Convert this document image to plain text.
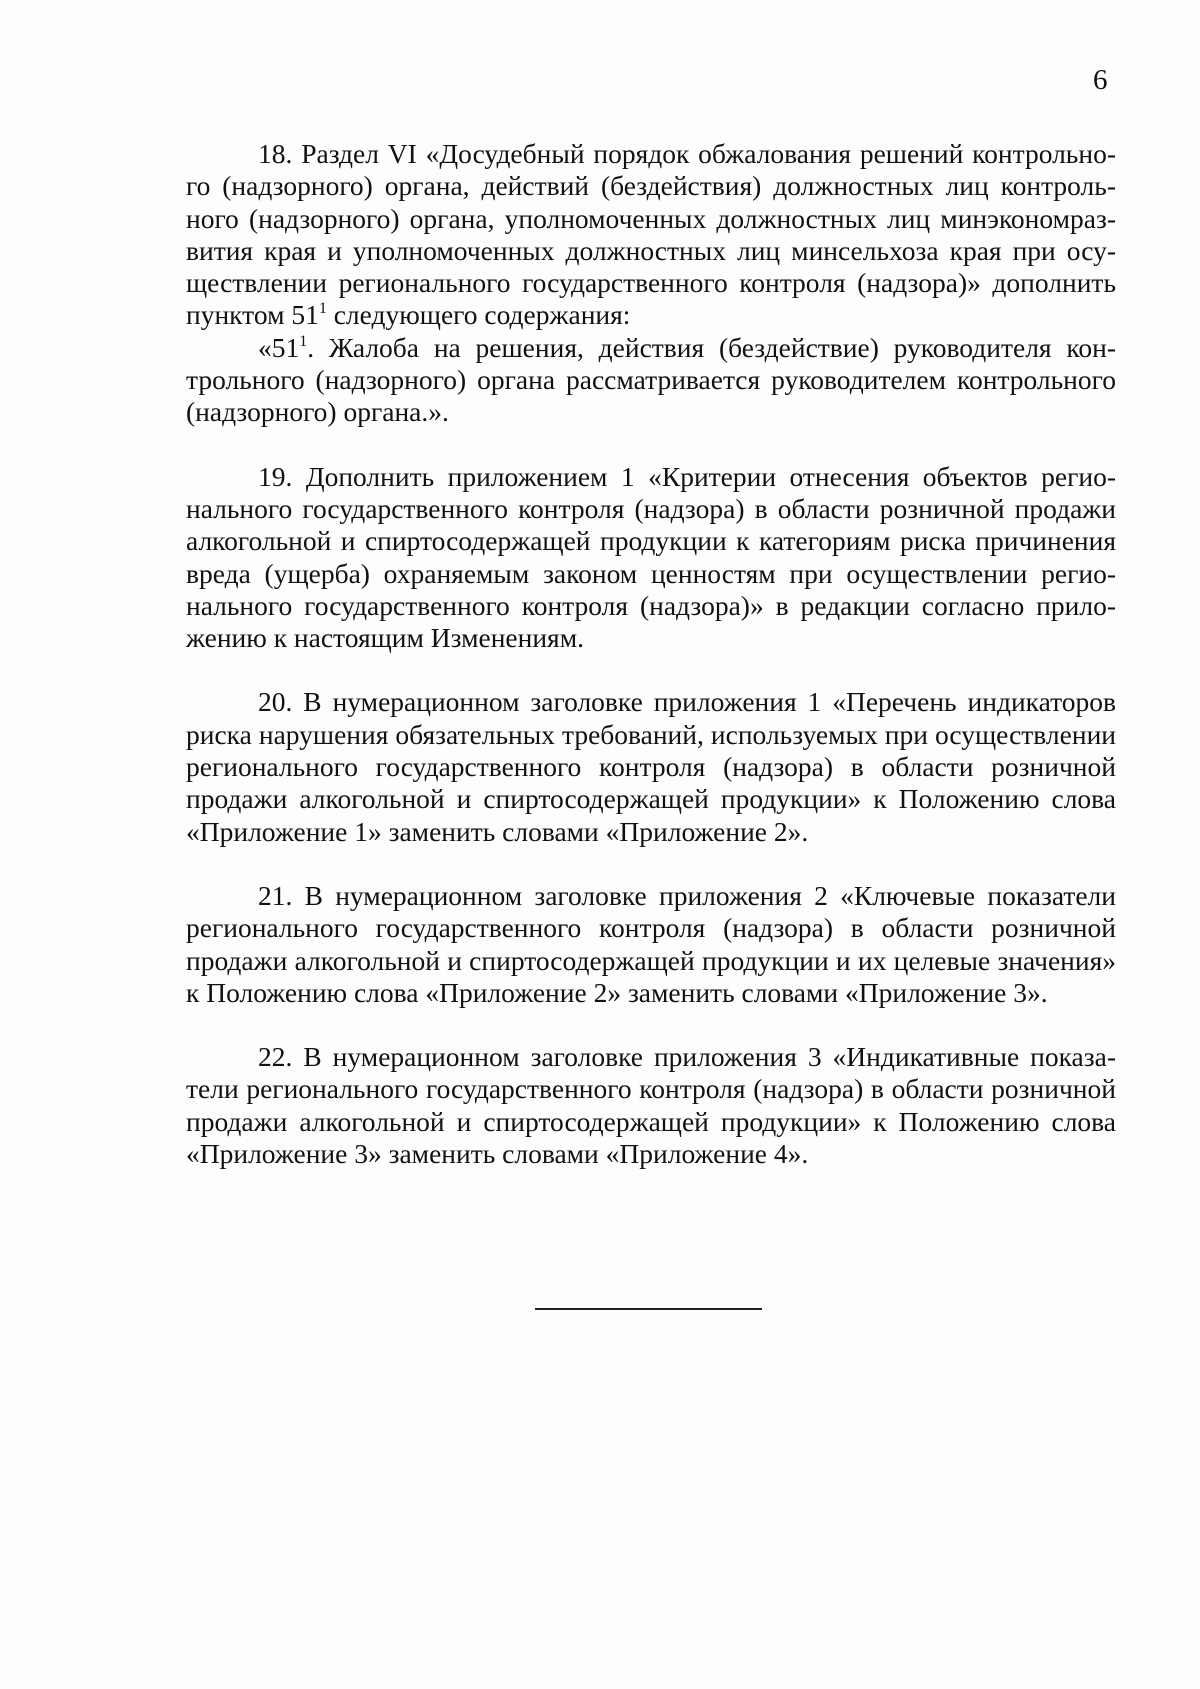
6

18. Раздел VI «Досудебный порядок обжалования решений контрольного (надзорного) органа, действий (бездействия) должностных лиц контрольного (надзорного) органа, уполномоченных должностных лиц минэкономразвития края и уполномоченных должностных лиц минсельхоза края при осуществлении регионального государственного контроля (надзора)» дополнить пунктом $51^1$ следующего содержания:

«$51^1$. Жалоба на решения, действия (бездействие) руководителя контрольного (надзорного) органа рассматривается руководителем контрольного (надзорного) органа.».

19. Дополнить приложением 1 «Критерии отнесения объектов регионального государственного контроля (надзора) в области розничной продажи алкогольной и спиртосодержащей продукции к категориям риска причинения вреда (ущерба) охраняемым законом ценностям при осуществлении регионального государственного контроля (надзора)» в редакции согласно приложению к настоящим Изменениям.

20. В нумерационном заголовке приложения 1 «Перечень индикаторов риска нарушения обязательных требований, используемых при осуществлении регионального государственного контроля (надзора) в области розничной продажи алкогольной и спиртосодержащей продукции» к Положению слова «Приложение 1» заменить словами «Приложение 2».

21. В нумерационном заголовке приложения 2 «Ключевые показатели регионального государственного контроля (надзора) в области розничной продажи алкогольной и спиртосодержащей продукции и их целевые значения» к Положению слова «Приложение 2» заменить словами «Приложение 3».

22. В нумерационном заголовке приложения 3 «Индикативные показатели регионального государственного контроля (надзора) в области розничной продажи алкогольной и спиртосодержащей продукции» к Положению слова «Приложение 3» заменить словами «Приложение 4».
